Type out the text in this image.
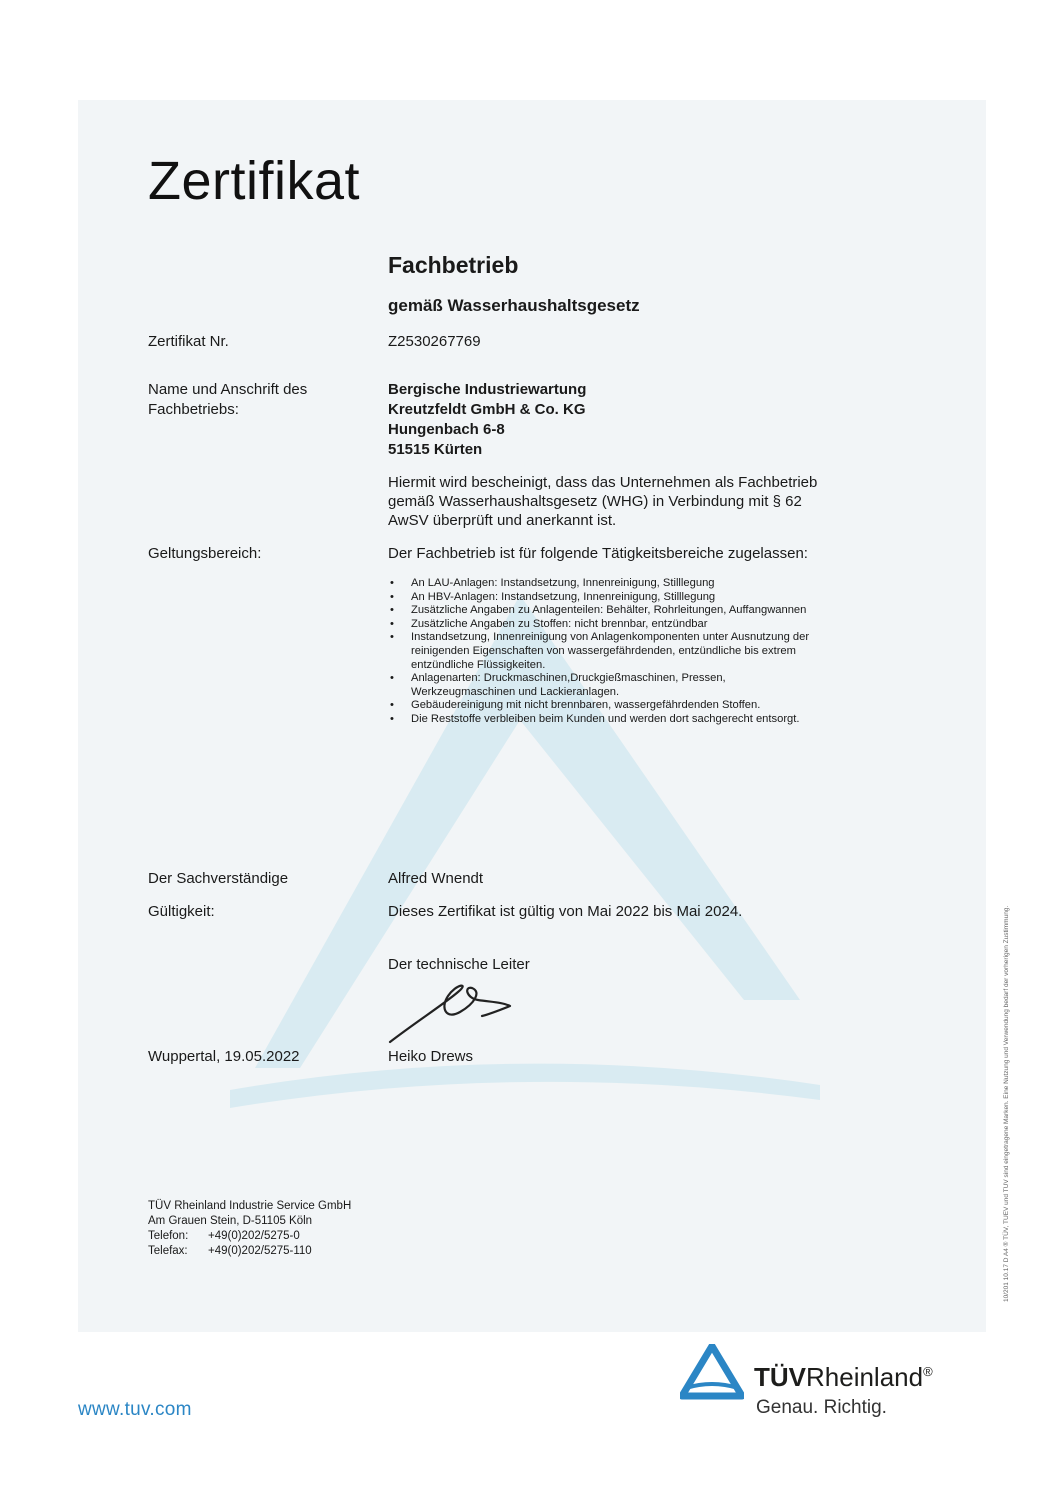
Zertifikat
Fachbetrieb
gemäß Wasserhaushaltsgesetz
Zertifikat Nr.	Z2530267769
Name und Anschrift des
Fachbetriebs:
Bergische Industriewartung
Kreutzfeldt GmbH & Co. KG
Hungenbach 6-8
51515 Kürten
Hiermit wird bescheinigt, dass das Unternehmen als Fachbetrieb
gemäß Wasserhaushaltsgesetz (WHG) in Verbindung mit § 62
AwSV überprüft und anerkannt ist.
Geltungsbereich:	Der Fachbetrieb ist für folgende Tätigkeitsbereiche zugelassen:
• An LAU-Anlagen: Instandsetzung, Innenreinigung, Stilllegung
• An HBV-Anlagen: Instandsetzung, Innenreinigung, Stilllegung
• Zusätzliche Angaben zu Anlagenteilen: Behälter, Rohrleitungen, Auffangwannen
• Zusätzliche Angaben zu Stoffen: nicht brennbar, entzündbar
• Instandsetzung, Innenreinigung von Anlagenkomponenten unter Ausnutzung der
reinigenden Eigenschaften von wassergefährdenden, entzündliche bis extrem
entzündliche Flüssigkeiten.
• Anlagenarten: Druckmaschinen,Druckgießmaschinen, Pressen,
Werkzeugmaschinen und Lackieranlagen.
• Gebäudereinigung mit nicht brennbaren, wassergefährdenden Stoffen.
• Die Reststoffe verbleiben beim Kunden und werden dort sachgerecht entsorgt.
Der Sachverständige	Alfred Wnendt
Gültigkeit:	Dieses Zertifikat ist gültig von Mai 2022 bis Mai 2024.
Der technische Leiter
Wuppertal, 19.05.2022	Heiko Drews
TÜV Rheinland Industrie Service GmbH
Am Grauen Stein, D-51105 Köln
Telefon:	+49(0)202/5275-0
Telefax:	+49(0)202/5275-110
www.tuv.com
TÜVRheinland®
Genau. Richtig.
10/201 10.17 D A4 ® TÜV, TUEV und TUV sind eingetragene Marken. Eine Nutzung und Verwendung bedarf der vorherigen Zustimmung.
